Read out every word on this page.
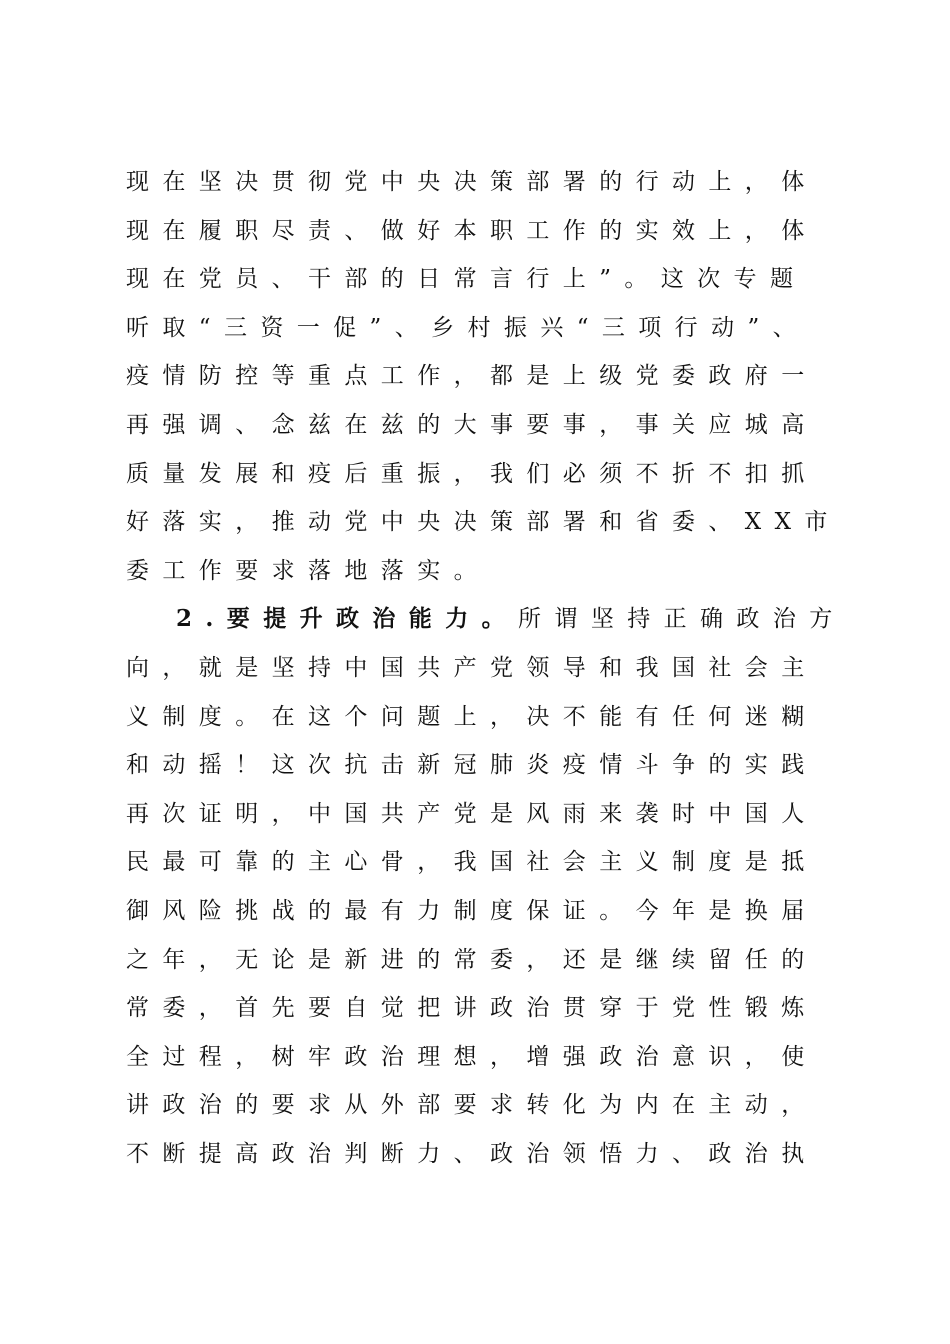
现在坚决贯彻党中央决策部署的行动上，体
现在履职尽责、做好本职工作的实效上，体
现在党员、干部的日常言行上”。这次专题
听取“三资一促”、乡村振兴“三项行动”、
疫情防控等重点工作，都是上级党委政府一
再强调、念兹在兹的大事要事，事关应城高
质量发展和疫后重振，我们必须不折不扣抓
好落实，推动党中央决策部署和省委、XX市
委工作要求落地落实。
2.要提升政治能力。所谓坚持正确政治方
向，就是坚持中国共产党领导和我国社会主
义制度。在这个问题上，决不能有任何迷糊
和动摇！这次抗击新冠肺炎疫情斗争的实践
再次证明，中国共产党是风雨来袭时中国人
民最可靠的主心骨，我国社会主义制度是抵
御风险挑战的最有力制度保证。今年是换届
之年，无论是新进的常委，还是继续留任的
常委，首先要自觉把讲政治贯穿于党性锻炼
全过程，树牢政治理想，增强政治意识，使
讲政治的要求从外部要求转化为内在主动，
不断提高政治判断力、政治领悟力、政治执
